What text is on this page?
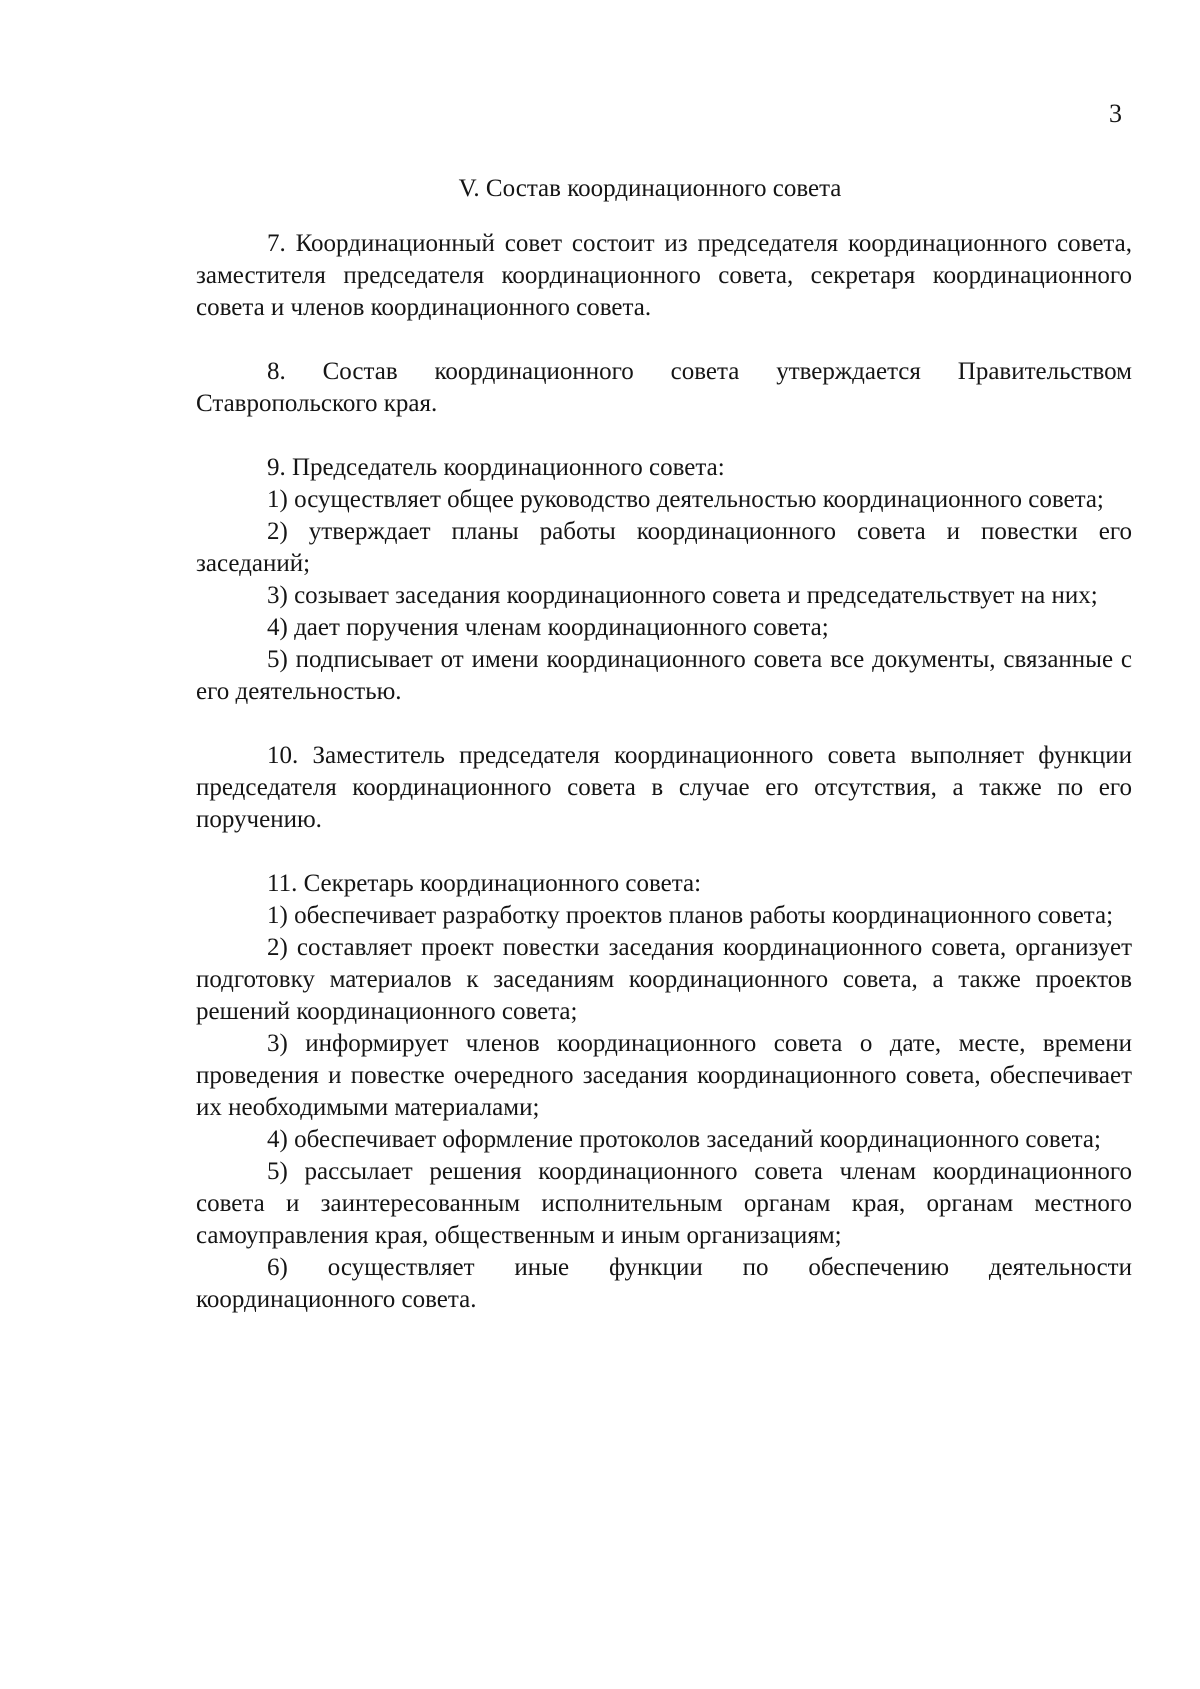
3
V. Состав координационного совета

7. Координационный совет состоит из председателя координационного совета, заместителя председателя координационного совета, секретаря координационного совета и членов координационного совета.

8. Состав координационного совета утверждается Правительством Ставропольского края.

9. Председатель координационного совета:

1) осуществляет общее руководство деятельностью координационного совета;

2) утверждает планы работы координационного совета и повестки его заседаний;

3) созывает заседания координационного совета и председательствует на них;

4) дает поручения членам координационного совета;

5) подписывает от имени координационного совета все документы, связанные с его деятельностью.

10. Заместитель председателя координационного совета выполняет функции председателя координационного совета в случае его отсутствия, а также по его поручению.

11. Секретарь координационного совета:

1) обеспечивает разработку проектов планов работы координационного совета;

2) составляет проект повестки заседания координационного совета, организует подготовку материалов к заседаниям координационного совета, а также проектов решений координационного совета;

3) информирует членов координационного совета о дате, месте, времени проведения и повестке очередного заседания координационного совета, обеспечивает их необходимыми материалами;

4) обеспечивает оформление протоколов заседаний координационного совета;

5) рассылает решения координационного совета членам координационного совета и заинтересованным исполнительным органам края, органам местного самоуправления края, общественным и иным организациям;

6) осуществляет иные функции по обеспечению деятельности координационного совета.
